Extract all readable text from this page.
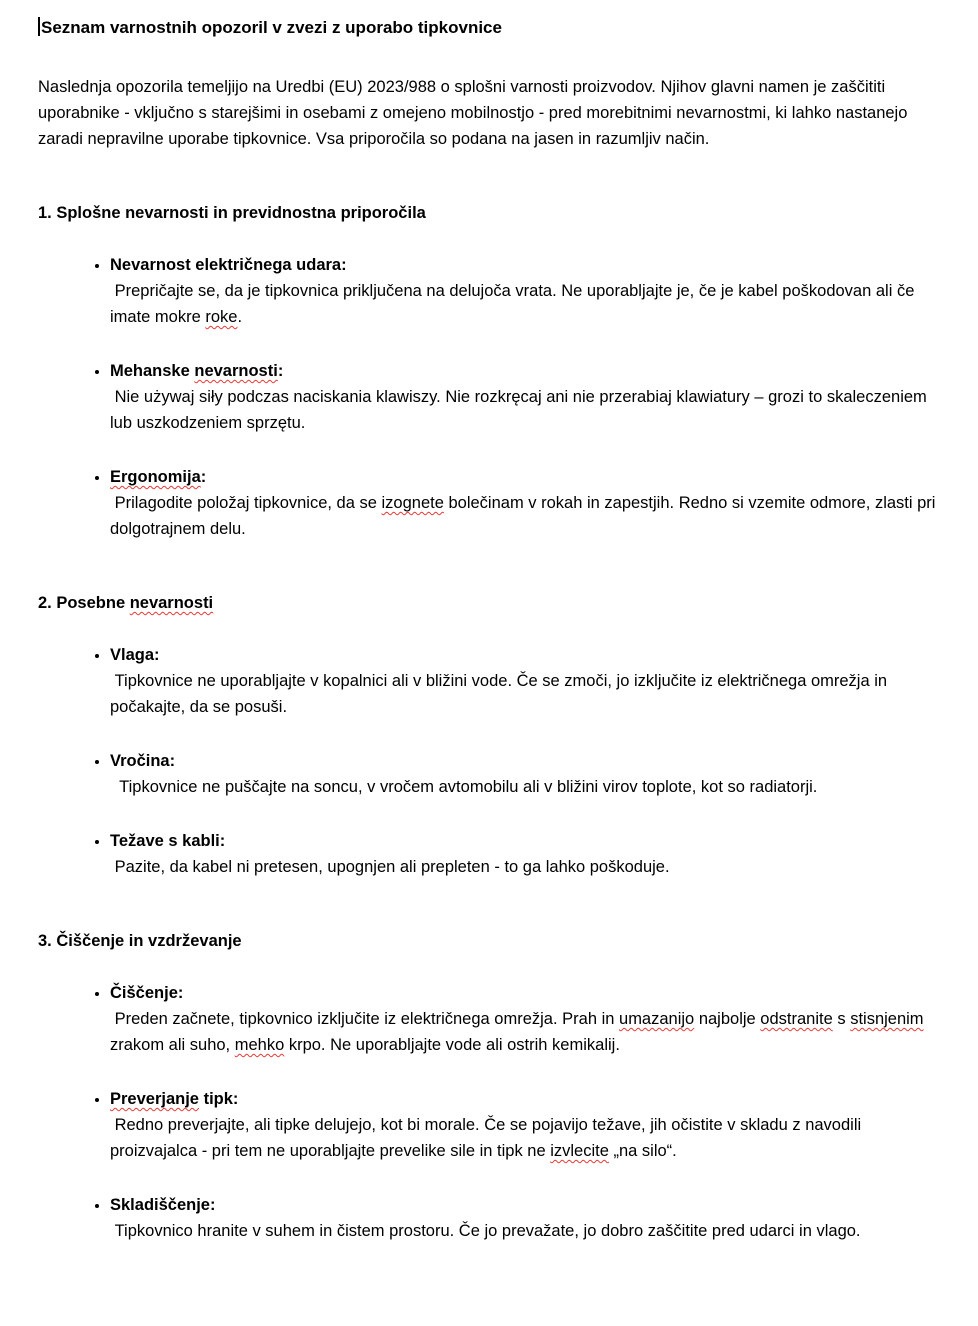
Seznam varnostnih opozoril v zvezi z uporabo tipkovnice

Naslednja opozorila temeljijo na Uredbi (EU) 2023/988 o splošni varnosti proizvodov. Njihov glavni namen je zaščititi uporabnike - vključno s starejšimi in osebami z omejeno mobilnostjo - pred morebitnimi nevarnostmi, ki lahko nastanejo zaradi nepravilne uporabe tipkovnice. Vsa priporočila so podana na jasen in razumljiv način.

1. Splošne nevarnosti in previdnostna priporočila
• Nevarnost električnega udara:
Prepričajte se, da je tipkovnica priključena na delujoča vrata. Ne uporabljajte je, če je kabel poškodovan ali če imate mokre roke.
• Mehanske nevarnosti:
Nie używaj siły podczas naciskania klawiszy. Nie rozkręcaj ani nie przerabiaj klawiatury – grozi to skaleczeniem lub uszkodzeniem sprzętu.
• Ergonomija:
Prilagodite položaj tipkovnice, da se izognete bolečinam v rokah in zapestjih. Redno si vzemite odmore, zlasti pri dolgotrajnem delu.
2. Posebne nevarnosti
• Vlaga:
Tipkovnice ne uporabljajte v kopalnici ali v bližini vode. Če se zmoči, jo izključite iz električnega omrežja in počakajte, da se posuši.
• Vročina:
Tipkovnice ne puščajte na soncu, v vročem avtomobilu ali v bližini virov toplote, kot so radiatorji.
• Težave s kabli:
Pazite, da kabel ni pretesen, upognjen ali prepleten - to ga lahko poškoduje.
3. Čiščenje in vzdrževanje
• Čiščenje:
Preden začnete, tipkovnico izključite iz električnega omrežja. Prah in umazanijo najbolje odstranite s stisnjenim zrakom ali suho, mehko krpo. Ne uporabljajte vode ali ostrih kemikalij.
• Preverjanje tipk:
Redno preverjajte, ali tipke delujejo, kot bi morale. Če se pojavijo težave, jih očistite v skladu z navodili proizvajalca - pri tem ne uporabljajte prevelike sile in tipk ne izvlecite „na silo“.
• Skladiščenje:
Tipkovnico hranite v suhem in čistem prostoru. Če jo prevažate, jo dobro zaščitite pred udarci in vlago.
